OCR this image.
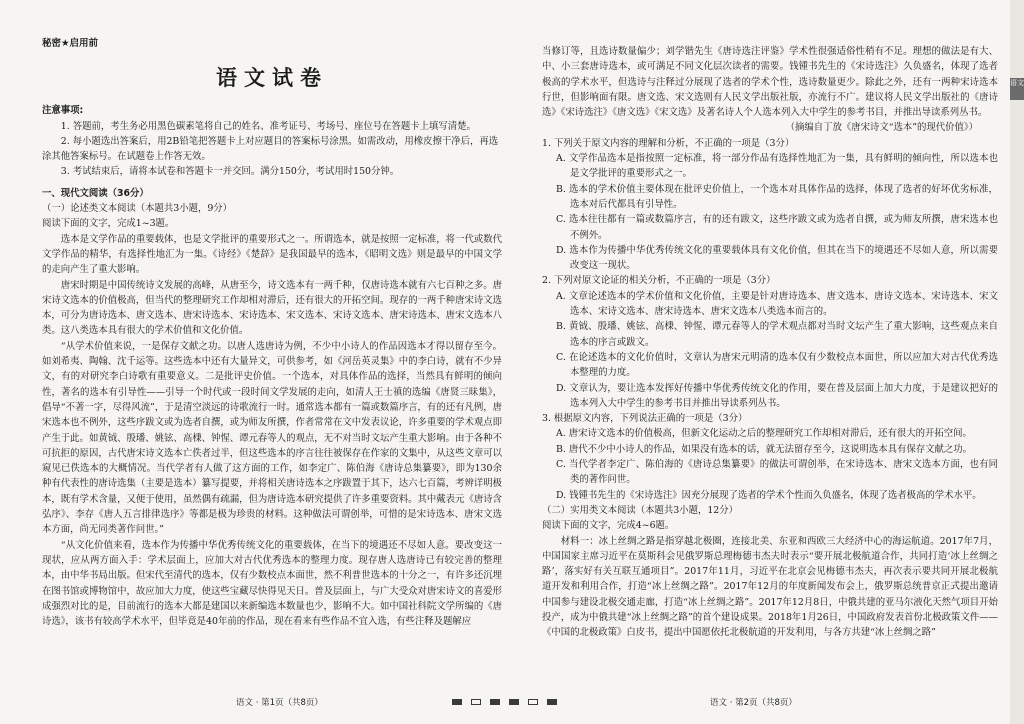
秘密★启用前
语文试卷

注意事项:

1. 答题前，考生务必用黑色碳素笔将自己的姓名、准考证号、考场号、座位号在答题卡上填写清楚。

2. 每小题选出答案后，用2B铅笔把答题卡上对应题目的答案标号涂黑。如需改动，用橡皮擦干净后，再选涂其他答案标号。在试题卷上作答无效。

3. 考试结束后，请将本试卷和答题卡一并交回。满分150分，考试用时150分钟。

一、现代文阅读（36分）

（一）论述类文本阅读（本题共3小题，9分）

阅读下面的文字，完成1~3题。

选本是文学作品的重要载体，也是文学批评的重要形式之一。所谓选本，就是按照一定标准，将一代或数代文学作品的精华，有选择性地汇为一集。《诗经》《楚辞》是我国最早的选本，《昭明文选》则是最早的中国文学的走向产生了重大影响。

唐宋时期是中国传统诗文发展的高峰，从唐至今，诗文选本有一两千种，仅唐诗选本就有六七百种之多。唐宋诗文选本的价值极高，但当代的整理研究工作却相对滞后，还有很大的开拓空间。现存的一两千种唐宋诗文选本，可分为唐诗选本、唐文选本、唐宋诗选本、宋诗选本、宋文选本、宋诗文选本、唐宋诗选本、唐宋文选本八类。这八类选本具有很大的学术价值和文化价值。

“从学术价值来说，一是保存文献之功。以唐人选唐诗为例，不少中小诗人的作品因选本才得以留存至今。如刘希夷、陶翰、沈千运等。这些选本中还有大量异文，可供参考，如《河岳英灵集》中的李白诗，就有不少异文，有的对研究李白诗歌有重要意义。二是批评史价值。一个选本，对具体作品的选择，当然具有鲜明的倾向性，著名的选本有引导性——引导一个时代或一段时间文学发展的走向，如清人王士禛的选编《唐贤三昧集》，倡导“不著一字，尽得风流”，于是清空淡远的诗歌流行一时。通常选本都有一篇或数篇序言，有的还有凡例，唐宋选本也不例外，这些序跋文或为选者自撰，或为师友所撰，作者常常在文中发表议论，许多重要的学术观点即产生于此。如黄钺、殷璠、姚铉、高棅、钟惺、谭元春等人的观点，无不对当时文坛产生重大影响。由于各种不可抗拒的原因，古代唐宋诗文选本亡佚者过半，但这些选本的序言往往被保存在作家的文集中，从这些文章可以窥见已佚选本的大概情况。当代学者有人做了这方面的工作，如李定广、陈伯海《唐诗总集纂要》，即为130余种有代表性的唐诗选集（主要是选本）纂写提要，并将相关唐诗选本之序跋置于其下，达六七百篇，考辨详明极本，既有学术含量，又便于使用，虽然偶有疏漏，但为唐诗选本研究提供了许多重要资料。其中戴表元《唐诗含弘序》、李存《唐人五言排律选序》等都是极为珍贵的材料。这种做法可谓创举，可惜的是宋诗选本、唐宋文选本方面，尚无同类著作问世。”

“从文化价值来看，选本作为传播中华优秀传统文化的重要载体，在当下的境遇还不尽如人意。要改变这一现状，应从两方面入手：学术层面上，应加大对古代优秀选本的整理力度。现存唐人选唐诗已有较完善的整理本，由中华书局出版。但宋代至清代的选本，仅有少数校点本面世，然不利普世选本的十分之一，有许多还沉埋在图书馆或博物馆中，故应加大力度，使这些宝藏尽快得见天日。普及层面上，与广大受众对唐宋诗文的喜爱形成强烈对比的是，目前流行的选本大都是建国以来新编选本数量也少，影响不大。如中国社科院文学所编的《唐诗选》，该书有较高学术水平，但毕竟是40年前的作品，现在看来有些作品不宜入选，有些注释及题解应

当修订等，且选诗数量偏少；刘学锴先生《唐诗选注评鉴》学术性很强适俗性稍有不足。理想的做法是有大、中、小三套唐诗选本，或可满足不同文化层次读者的需要。钱锺书先生的《宋诗选注》久负盛名，体现了选者极高的学术水平，但选诗与注释过分展现了选者的学术个性，选诗数量更少。除此之外，还有一两种宋诗选本行世，但影响面有限。唐文选、宋文选则有人民文学出版社版，亦流行不广。建议将人民文学出版社的《唐诗选》《宋诗选注》《唐文选》《宋文选》及著名诗人个人选本列入大中学生的参考书目，并推出导读系列丛书。

（摘编自丁放《唐宋诗文“选本”的现代价值》）

1. 下列关于原文内容的理解和分析，不正确的一项是（3分）

A. 文学作品选本是指按照一定标准，将一部分作品有选择性地汇为一集，具有鲜明的倾向性，所以选本也是文学批评的重要形式之一。

B. 选本的学术价值主要体现在批评史价值上，一个选本对具体作品的选择，体现了选者的好坏优劣标准，选本对后代都具有引导性。

C. 选本往往都有一篇或数篇序言，有的还有跋文，这些序跋文或为选者自撰，或为师友所撰，唐宋选本也不例外。

D. 选本作为传播中华优秀传统文化的重要载体具有文化价值，但其在当下的境遇还不尽如人意，所以需要改变这一现状。

2. 下列对原文论证的相关分析，不正确的一项是（3分）

A. 文章论述选本的学术价值和文化价值，主要是针对唐诗选本、唐文选本、唐诗文选本、宋诗选本、宋文选本、宋诗文选本、唐宋诗选本、唐宋文选本八类选本而言的。

B. 黄钺、殷璠、姚铉、高棅、钟惺、谭元春等人的学术观点都对当时文坛产生了重大影响，这些观点来自选本的序言或跋文。

C. 在论述选本的文化价值时，文章认为唐宋元明清的选本仅有少数校点本面世，所以应加大对古代优秀选本整理的力度。

D. 文章认为，要让选本发挥好传播中华优秀传统文化的作用，要在普及层面上加大力度，于是建议把好的选本列入大中学生的参考书目并推出导读系列丛书。

3. 根据原文内容，下列说法正确的一项是（3分）

A. 唐宋诗文选本的价值极高，但新文化运动之后的整理研究工作却相对滞后，还有很大的开拓空间。

B. 唐代不少中小诗人的作品，如果没有选本的话，就无法留存至今，这说明选本具有保存文献之功。

C. 当代学者李定广、陈伯海的《唐诗总集纂要》的做法可谓创举，在宋诗选本、唐宋文选本方面，也有同类的著作问世。

D. 钱锺书先生的《宋诗选注》因充分展现了选者的学术个性而久负盛名，体现了选者极高的学术水平。

（二）实用类文本阅读（本题共3小题，12分）

阅读下面的文字，完成4~6题。

材料一：冰上丝绸之路是指穿越北极圈，连接北美、东亚和西欧三大经济中心的海运航道。2017年7月，中国国家主席习近平在莫斯科会见俄罗斯总理梅德韦杰夫时表示“要开展北极航道合作，共同打造‘冰上丝绸之路’，落实好有关互联互通项目”。2017年11月，习近平在北京会见梅德韦杰夫，再次表示要共同开展北极航道开发和利用合作，打造“冰上丝绸之路”。2017年12月的年度新闻发布会上，俄罗斯总统普京正式提出邀请中国参与建设北极交通走廊，打造“冰上丝绸之路”。2017年12月8日，中俄共建的亚马尔液化天然气项目开始投产，成为中俄共建“冰上丝绸之路”的首个建设成果。2018年1月26日，中国政府发表首份北极政策文件——《中国的北极政策》白皮书，提出中国愿依托北极航道的开发利用，与各方共建“冰上丝绸之路”

语文
语文 · 第1页（共8页）	语文 · 第2页（共8页）
